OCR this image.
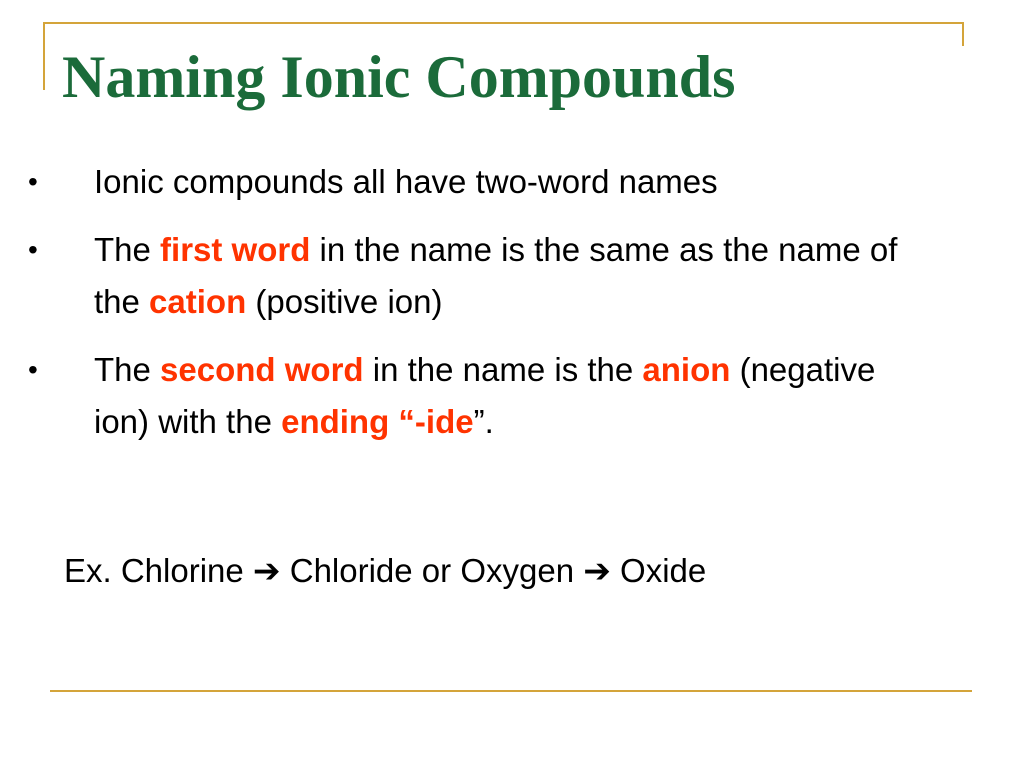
Naming Ionic Compounds
•	Ionic compounds all have two-word names
•	The first word in the name is the same as the name of the cation (positive ion)
•	The second word in the name is the anion (negative ion) with the ending “-ide”.

Ex. Chlorine ➔ Chloride or Oxygen ➔ Oxide
